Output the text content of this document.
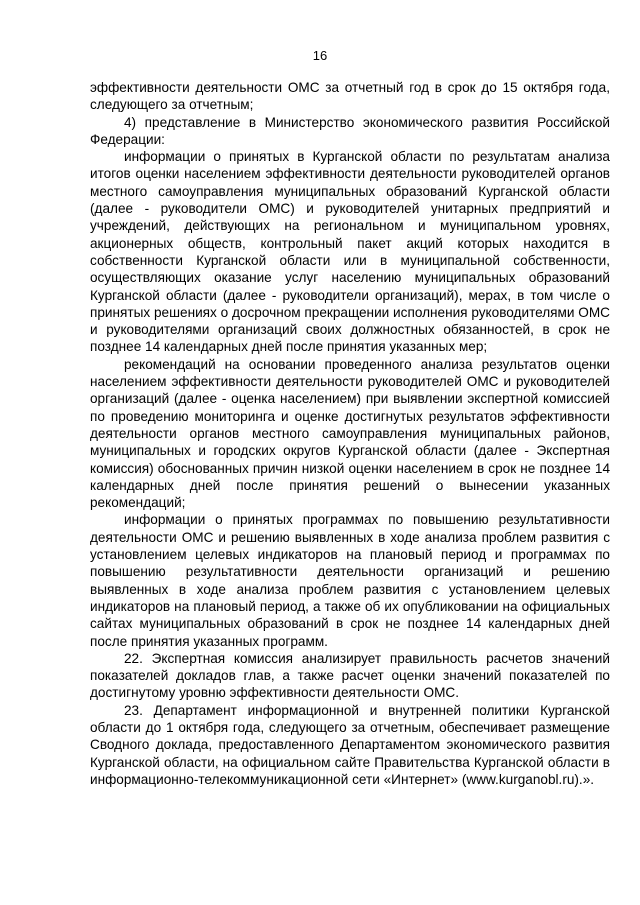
16

эффективности деятельности ОМС за отчетный год в срок до 15 октября года, следующего за отчетным;

4) представление в Министерство экономического развития Российской Федерации:

информации о принятых в Курганской области по результатам анализа итогов оценки населением эффективности деятельности руководителей органов местного самоуправления муниципальных образований Курганской области (далее - руководители ОМС) и руководителей унитарных предприятий и учреждений, действующих на региональном и муниципальном уровнях, акционерных обществ, контрольный пакет акций которых находится в собственности Курганской области или в муниципальной собственности, осуществляющих оказание услуг населению муниципальных образований Курганской области (далее - руководители организаций), мерах, в том числе о принятых решениях о досрочном прекращении исполнения руководителями ОМС и руководителями организаций своих должностных обязанностей, в срок не позднее 14 календарных дней после принятия указанных мер;

рекомендаций на основании проведенного анализа результатов оценки населением эффективности деятельности руководителей ОМС и руководителей организаций (далее - оценка населением) при выявлении экспертной комиссией по проведению мониторинга и оценке достигнутых результатов эффективности деятельности органов местного самоуправления муниципальных районов, муниципальных и городских округов Курганской области (далее - Экспертная комиссия) обоснованных причин низкой оценки населением в срок не позднее 14 календарных дней после принятия решений о вынесении указанных рекомендаций;

информации о принятых программах по повышению результативности деятельности ОМС и решению выявленных в ходе анализа проблем развития с установлением целевых индикаторов на плановый период и программах по повышению результативности деятельности организаций и решению выявленных в ходе анализа проблем развития с установлением целевых индикаторов на плановый период, а также об их опубликовании на официальных сайтах муниципальных образований в срок не позднее 14 календарных дней после принятия указанных программ.

22. Экспертная комиссия анализирует правильность расчетов значений показателей докладов глав, а также расчет оценки значений показателей по достигнутому уровню эффективности деятельности ОМС.

23. Департамент информационной и внутренней политики Курганской области до 1 октября года, следующего за отчетным, обеспечивает размещение Сводного доклада, предоставленного Департаментом экономического развития Курганской области, на официальном сайте Правительства Курганской области в информационно-телекоммуникационной сети «Интернет» (www.kurganobl.ru).».
